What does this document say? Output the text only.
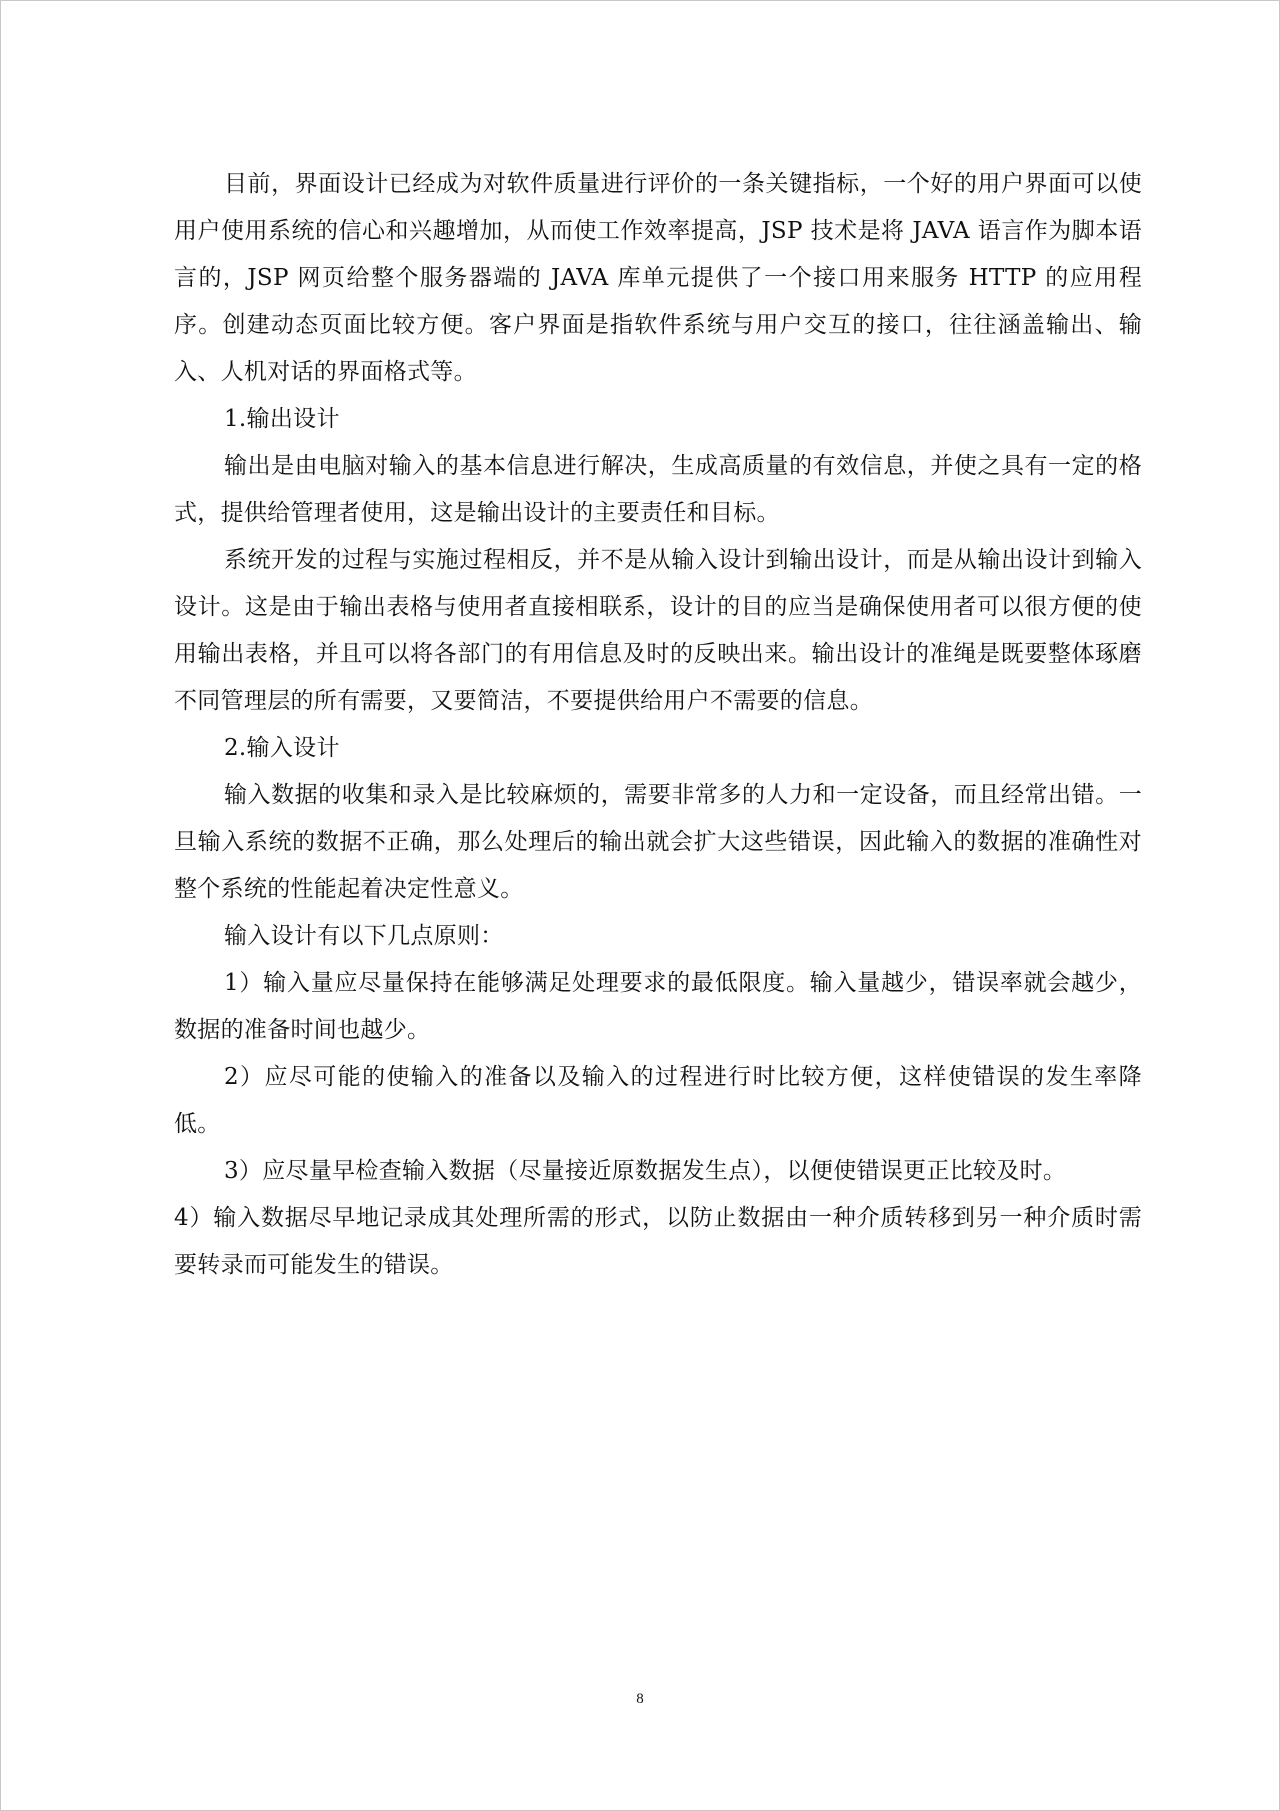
目前，界面设计已经成为对软件质量进行评价的一条关键指标，一个好的用户界面可以使用户使用系统的信心和兴趣增加，从而使工作效率提高，JSP 技术是将 JAVA 语言作为脚本语言的，JSP 网页给整个服务器端的 JAVA 库单元提供了一个接口用来服务 HTTP 的应用程序。创建动态页面比较方便。客户界面是指软件系统与用户交互的接口，往往涵盖输出、输入、人机对话的界面格式等。

1.输出设计

输出是由电脑对输入的基本信息进行解决，生成高质量的有效信息，并使之具有一定的格式，提供给管理者使用，这是输出设计的主要责任和目标。

系统开发的过程与实施过程相反，并不是从输入设计到输出设计，而是从输出设计到输入设计。这是由于输出表格与使用者直接相联系，设计的目的应当是确保使用者可以很方便的使用输出表格，并且可以将各部门的有用信息及时的反映出来。输出设计的准绳是既要整体琢磨不同管理层的所有需要，又要简洁，不要提供给用户不需要的信息。

2.输入设计

输入数据的收集和录入是比较麻烦的，需要非常多的人力和一定设备，而且经常出错。一旦输入系统的数据不正确，那么处理后的输出就会扩大这些错误，因此输入的数据的准确性对整个系统的性能起着决定性意义。

输入设计有以下几点原则：

1）输入量应尽量保持在能够满足处理要求的最低限度。输入量越少，错误率就会越少，数据的准备时间也越少。

2）应尽可能的使输入的准备以及输入的过程进行时比较方便，这样使错误的发生率降低。

3）应尽量早检查输入数据（尽量接近原数据发生点），以便使错误更正比较及时。

4）输入数据尽早地记录成其处理所需的形式，以防止数据由一种介质转移到另一种介质时需要转录而可能发生的错误。

8
